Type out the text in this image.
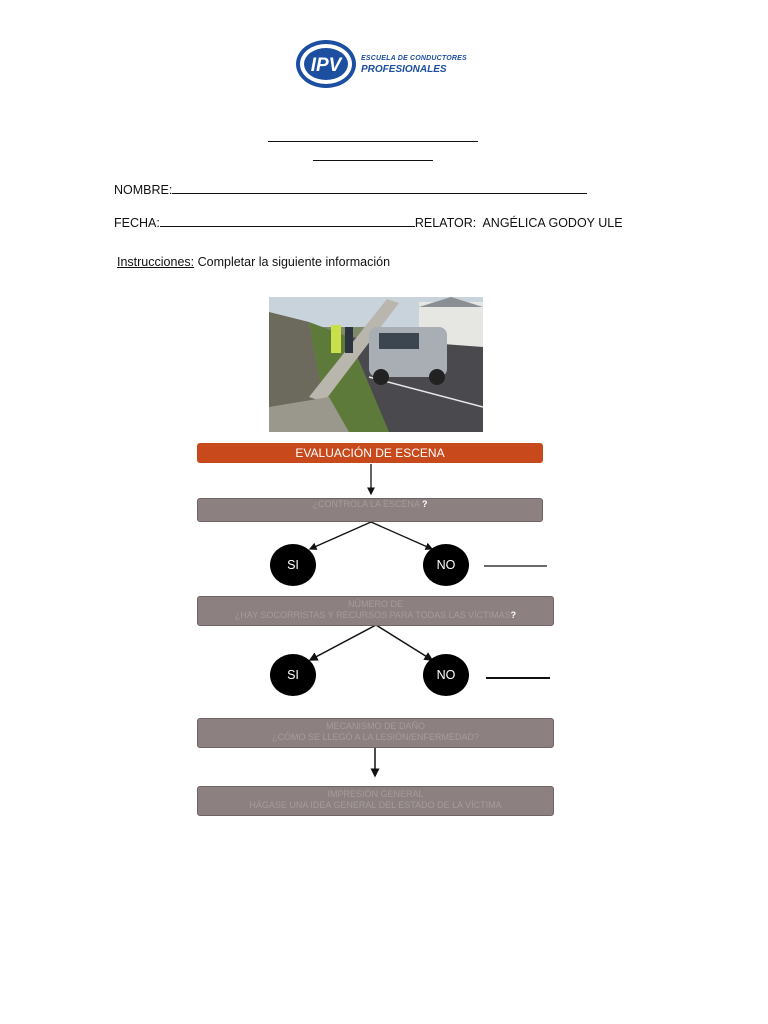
IPV	ESCUELA DE CONDUCTORES
PROFESIONALES
NOMBRE:
FECHA:	RELATOR: ANGÉLICA GODOY ULE
Instrucciones: Completar la siguiente información
EVALUACIÓN DE ESCENA
¿CONTROLA LA ESCENA ?
SI	NO
NÚMERO DE
¿HAY SOCORRISTAS Y RECURSOS PARA TODAS LAS VÍCTIMAS?
SI	NO
MECANISMO DE DAÑO
¿CÓMO SE LLEGÓ A LA LESIÓN/ENFERMEDAD?
IMPRESIÓN GENERAL
HÁGASE UNA IDEA GENERAL DEL ESTADO DE LA VÍCTIMA
